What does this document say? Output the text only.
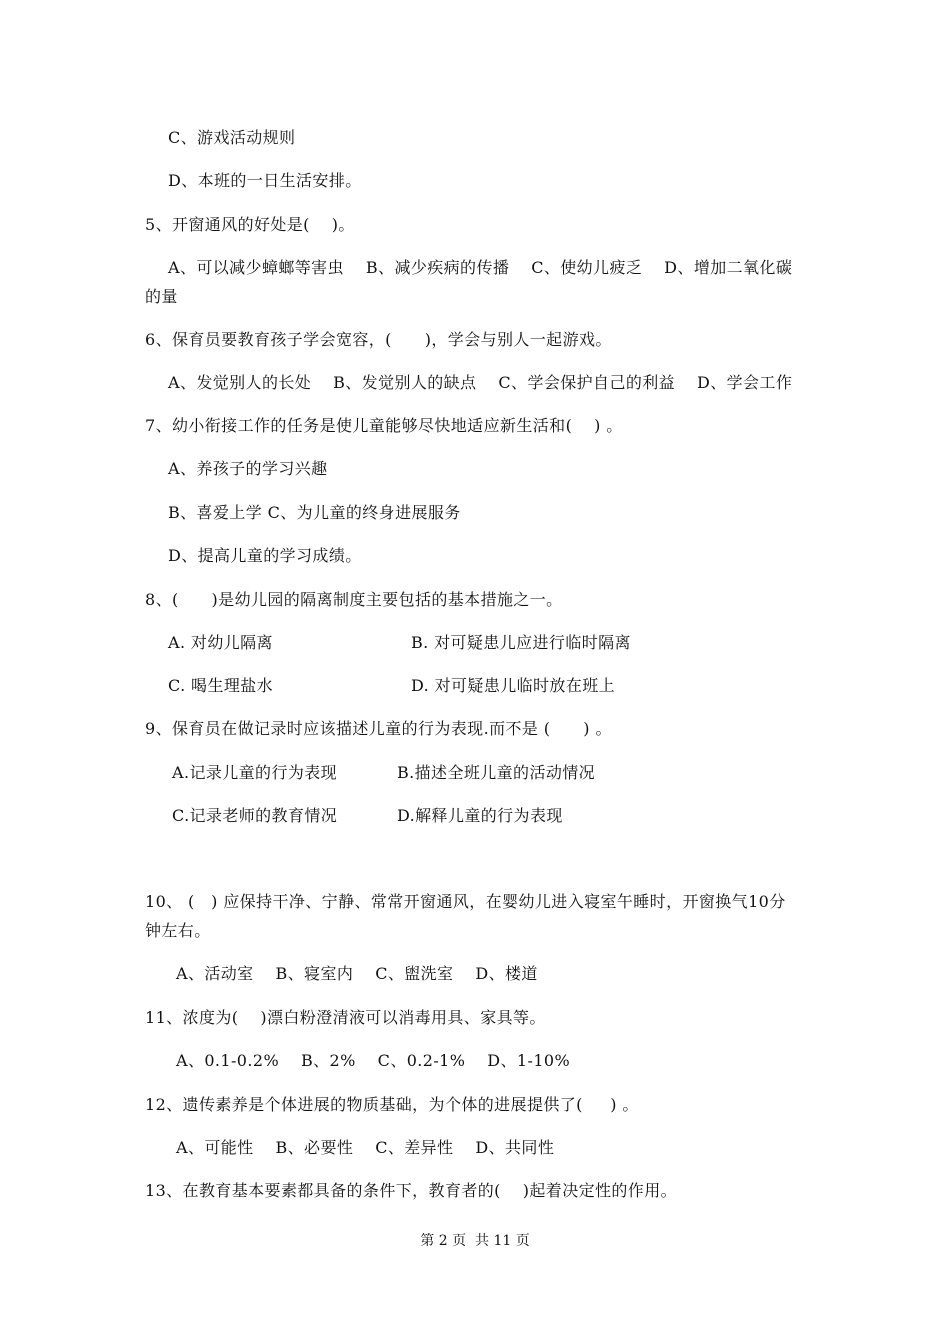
C、游戏活动规则
D、本班的一日生活安排。
5、开窗通风的好处是(    )。
A、可以减少蟑螂等害虫    B、减少疾病的传播    C、使幼儿疲乏    D、增加二氧化碳
的量
6、保育员要教育孩子学会宽容，(      )，学会与别人一起游戏。
A、发觉别人的长处    B、发觉别人的缺点    C、学会保护自己的利益    D、学会工作
7、幼小衔接工作的任务是使儿童能够尽快地适应新生活和(    ) 。
A、养孩子的学习兴趣
B、喜爱上学 C、为儿童的终身进展服务
D、提高儿童的学习成绩。
8、(      )是幼儿园的隔离制度主要包括的基本措施之一。
A. 对幼儿隔离	B. 对可疑患儿应进行临时隔离
C. 喝生理盐水	D. 对可疑患儿临时放在班上
9、保育员在做记录时应该描述儿童的行为表现.而不是 (      ) 。
A.记录儿童的行为表现	B.描述全班儿童的活动情况
C.记录老师的教育情况	D.解释儿童的行为表现
10、 (   ) 应保持干净、宁静、常常开窗通风，在婴幼儿进入寝室午睡时，开窗换气10分
钟左右。
A、活动室    B、寝室内    C、盥洗室    D、楼道
11、浓度为(    )漂白粉澄清液可以消毒用具、家具等。
A、0.1-0.2%    B、2%    C、0.2-1%    D、1-10%
12、遗传素养是个体进展的物质基础，为个体的进展提供了(     ) 。
A、可能性    B、必要性    C、差异性    D、共同性
13、在教育基本要素都具备的条件下，教育者的(    )起着决定性的作用。
第 2 页  共 11 页
